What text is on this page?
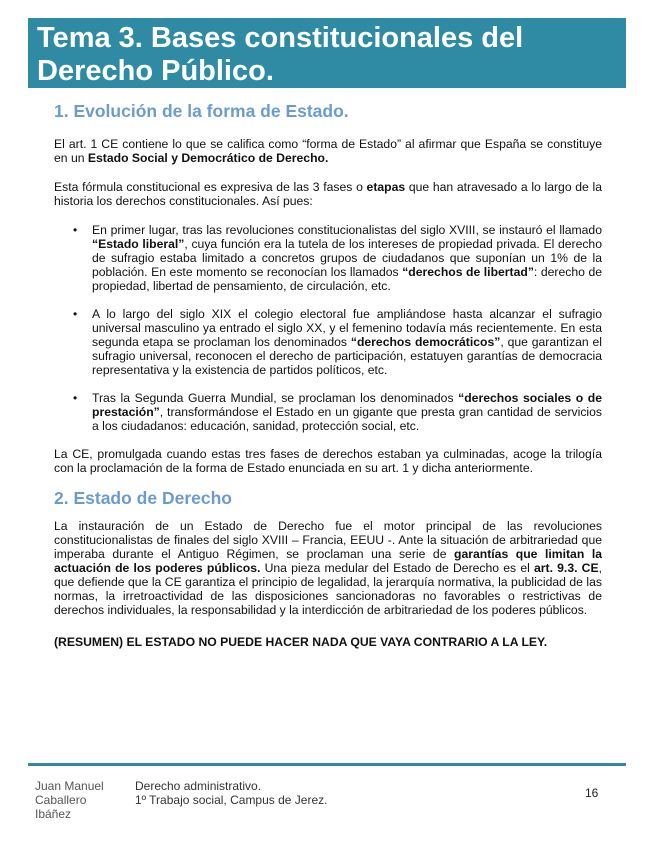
Tema 3. Bases constitucionales del Derecho Público.
1. Evolución de la forma de Estado.

El art. 1 CE contiene lo que se califica como “forma de Estado” al afirmar que España se constituye en un Estado Social y Democrático de Derecho.

Esta fórmula constitucional es expresiva de las 3 fases o etapas que han atravesado a lo largo de la historia los derechos constitucionales. Así pues:

• En primer lugar, tras las revoluciones constitucionalistas del siglo XVIII, se instauró el llamado “Estado liberal”, cuya función era la tutela de los intereses de propiedad privada. El derecho de sufragio estaba limitado a concretos grupos de ciudadanos que suponían un 1% de la población. En este momento se reconocían los llamados “derechos de libertad”: derecho de propiedad, libertad de pensamiento, de circulación, etc.

• A lo largo del siglo XIX el colegio electoral fue ampliándose hasta alcanzar el sufragio universal masculino ya entrado el siglo XX, y el femenino todavía más recientemente. En esta segunda etapa se proclaman los denominados “derechos democráticos”, que garantizan el sufragio universal, reconocen el derecho de participación, estatuyen garantías de democracia representativa y la existencia de partidos políticos, etc.

• Tras la Segunda Guerra Mundial, se proclaman los denominados “derechos sociales o de prestación”, transformándose el Estado en un gigante que presta gran cantidad de servicios a los ciudadanos: educación, sanidad, protección social, etc.

La CE, promulgada cuando estas tres fases de derechos estaban ya culminadas, acoge la trilogía con la proclamación de la forma de Estado enunciada en su art. 1 y dicha anteriormente.

2. Estado de Derecho

La instauración de un Estado de Derecho fue el motor principal de las revoluciones constitucionalistas de finales del siglo XVIII – Francia, EEUU -. Ante la situación de arbitrariedad que imperaba durante el Antiguo Régimen, se proclaman una serie de garantías que limitan la actuación de los poderes públicos. Una pieza medular del Estado de Derecho es el art. 9.3. CE, que defiende que la CE garantiza el principio de legalidad, la jerarquía normativa, la publicidad de las normas, la irretroactividad de las disposiciones sancionadoras no favorables o restrictivas de derechos individuales, la responsabilidad y la interdicción de arbitrariedad de los poderes públicos.

(RESUMEN) EL ESTADO NO PUEDE HACER NADA QUE VAYA CONTRARIO A LA LEY.

Juan Manuel
Caballero
Ibáñez
Derecho administrativo.
1º Trabajo social, Campus de Jerez.	16
